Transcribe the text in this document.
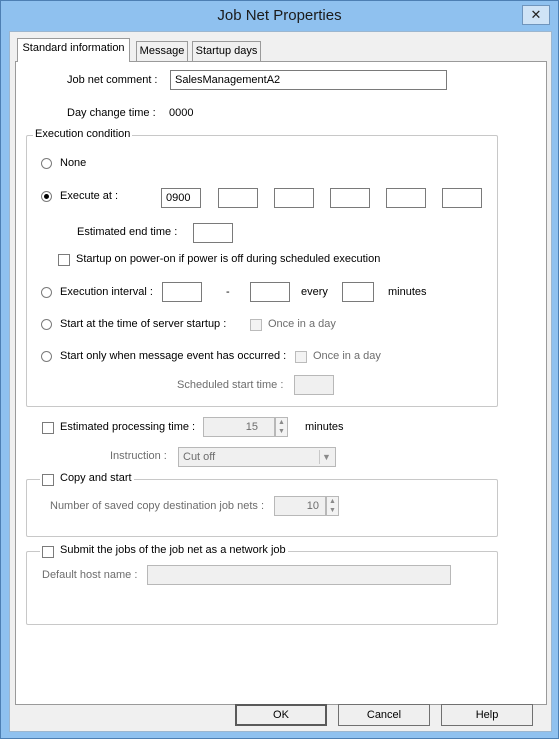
Job Net Properties	✕
Standard information	Message	Startup days
Job net comment :	SalesManagementA2
Day change time : 0000
Execution condition
None
Execute at :	0900
Estimated end time :
Startup on power-on if power is off during scheduled execution
Execution interval :	-	every	minutes
Start at the time of server startup :	Once in a day
Start only when message event has occurred : Once in a day
Scheduled start time :
Estimated processing time :	15	▲
▼ minutes
Instruction :	Cut off	▼
Copy and start
Number of saved copy destination job nets :	10	▲
▼
Submit the jobs of the job net as a network job
Default host name :
OK	Cancel	Help
